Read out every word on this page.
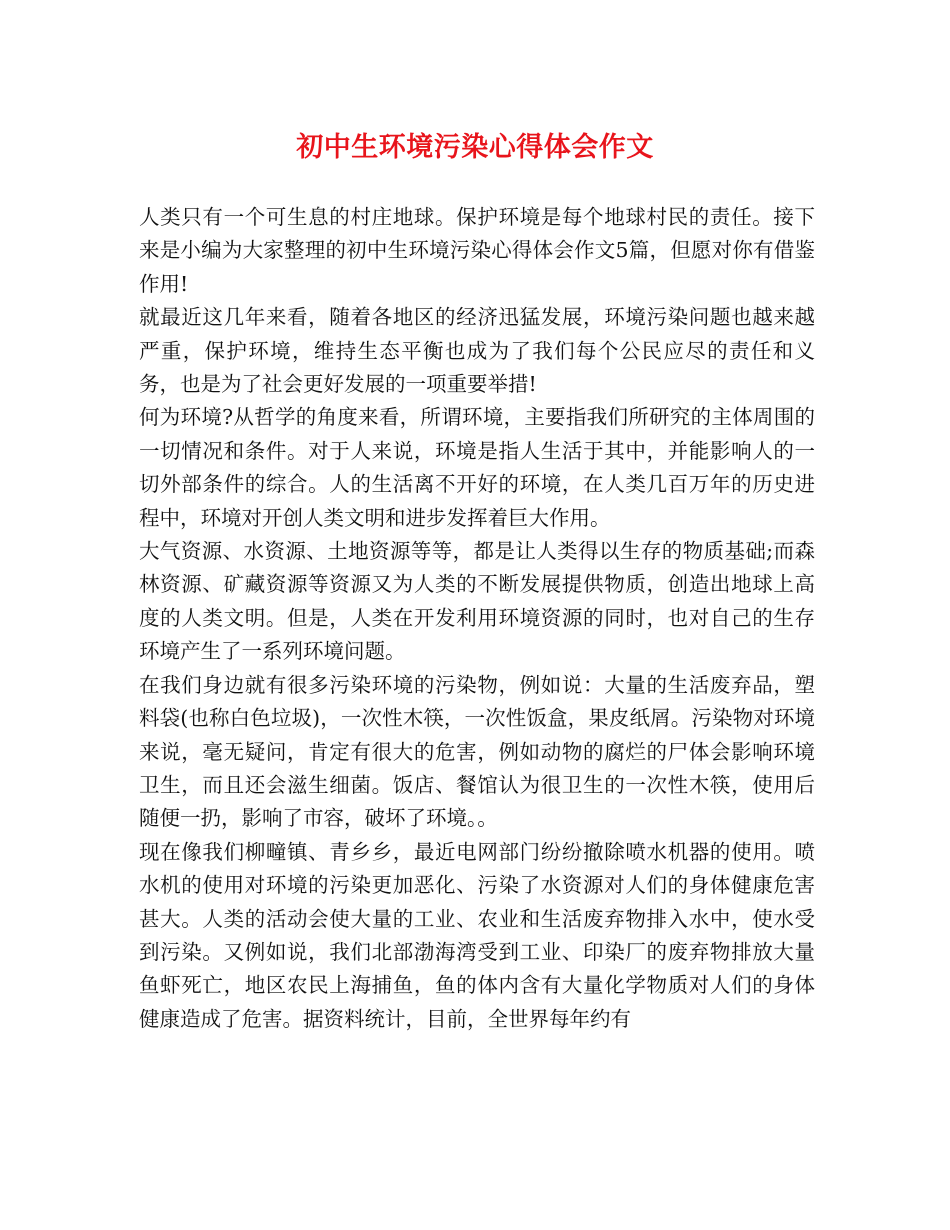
初中生环境污染心得体会作文

人类只有一个可生息的村庄地球。保护环境是每个地球村民的责任。接下来是小编为大家整理的初中生环境污染心得体会作文5篇，但愿对你有借鉴作用!

就最近这几年来看，随着各地区的经济迅猛发展，环境污染问题也越来越严重，保护环境，维持生态平衡也成为了我们每个公民应尽的责任和义务，也是为了社会更好发展的一项重要举措!

何为环境?从哲学的角度来看，所谓环境，主要指我们所研究的主体周围的一切情况和条件。对于人来说，环境是指人生活于其中，并能影响人的一切外部条件的综合。人的生活离不开好的环境，在人类几百万年的历史进程中，环境对开创人类文明和进步发挥着巨大作用。

大气资源、水资源、土地资源等等，都是让人类得以生存的物质基础;而森林资源、矿藏资源等资源又为人类的不断发展提供物质，创造出地球上高度的人类文明。但是，人类在开发利用环境资源的同时，也对自己的生存环境产生了一系列环境问题。

在我们身边就有很多污染环境的污染物，例如说：大量的生活废弃品，塑料袋(也称白色垃圾)，一次性木筷，一次性饭盒，果皮纸屑。污染物对环境来说，毫无疑问，肯定有很大的危害，例如动物的腐烂的尸体会影响环境卫生，而且还会滋生细菌。饭店、餐馆认为很卫生的一次性木筷，使用后随便一扔，影响了市容，破坏了环境。。

现在像我们柳疃镇、青乡乡，最近电网部门纷纷撤除喷水机器的使用。喷水机的使用对环境的污染更加恶化、污染了水资源对人们的身体健康危害甚大。人类的活动会使大量的工业、农业和生活废弃物排入水中，使水受到污染。又例如说，我们北部渤海湾受到工业、印染厂的废弃物排放大量鱼虾死亡，地区农民上海捕鱼，鱼的体内含有大量化学物质对人们的身体健康造成了危害。据资料统计，目前，全世界每年约有
